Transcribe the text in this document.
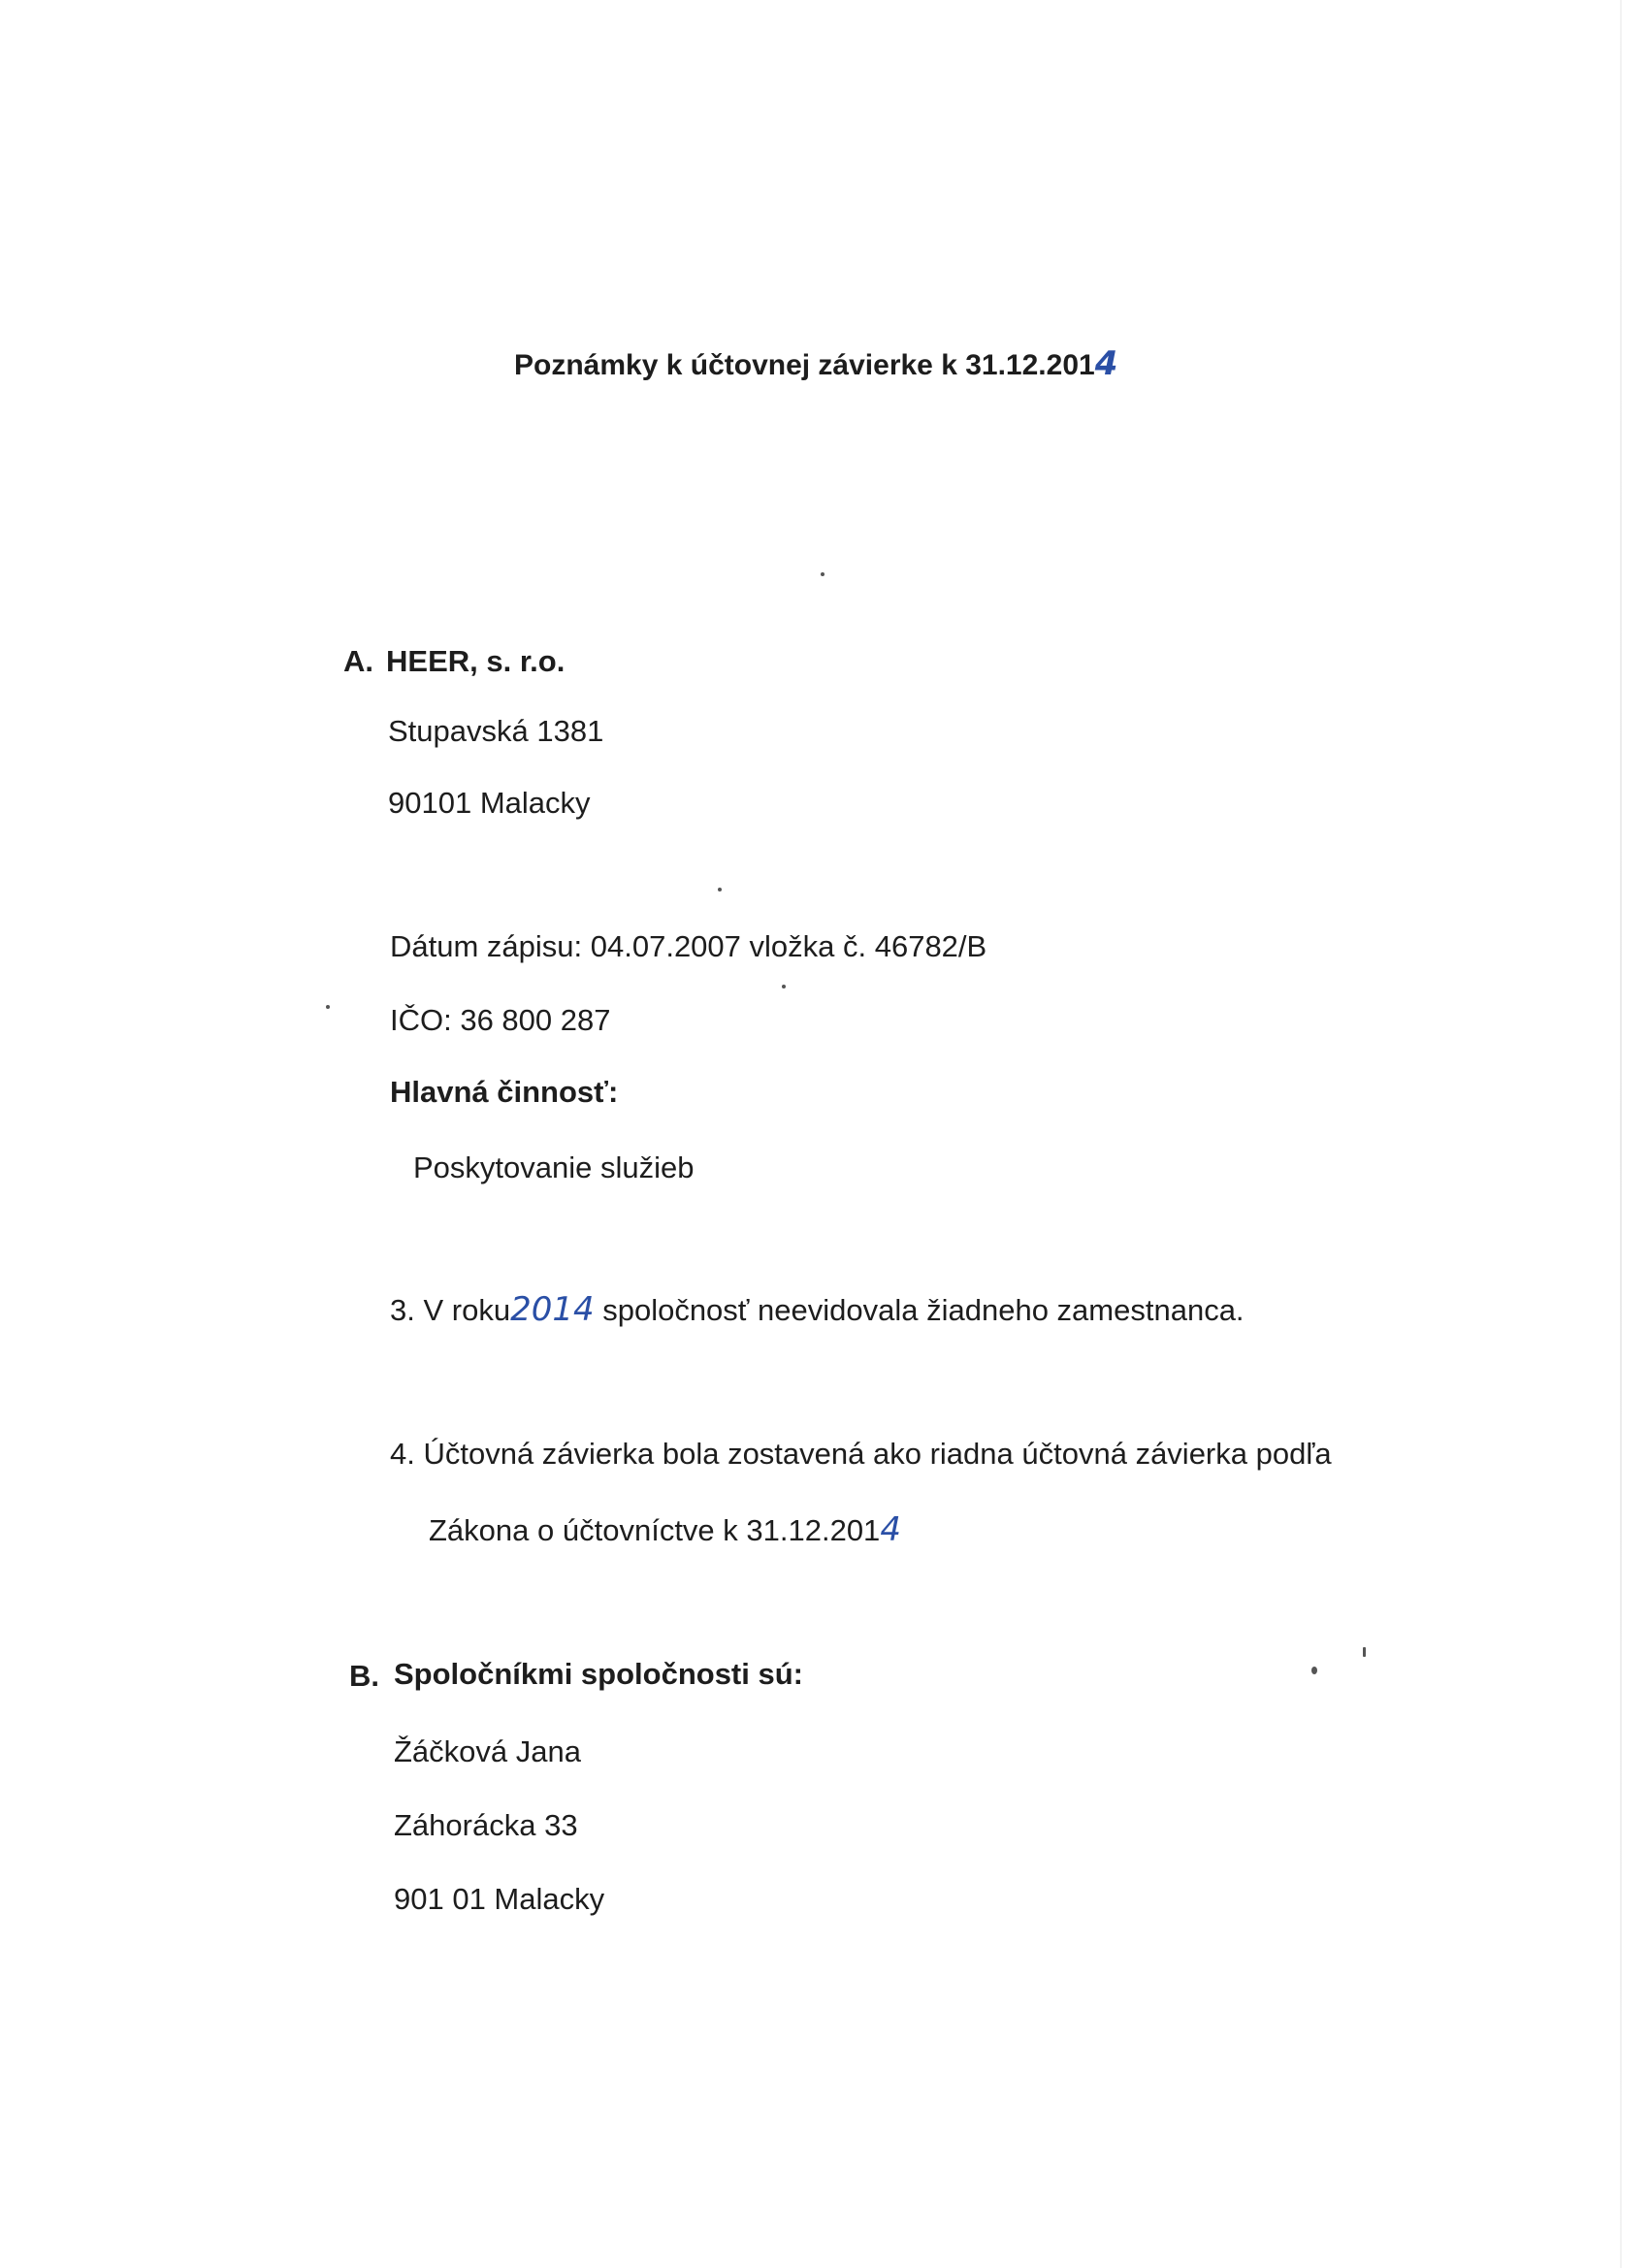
Poznámky k účtovnej závierke k 31.12.2014
A. HEER, s. r.o.
Stupavská 1381
90101 Malacky
Dátum zápisu: 04.07.2007 vložka č. 46782/B
IČO: 36 800 287
Hlavná činnosť:
Poskytovanie služieb
3. V roku2014 spoločnosť neevidovala žiadneho zamestnanca.
4. Účtovná závierka bola zostavená ako riadna účtovná závierka podľa
Zákona o účtovníctve k 31.12.2014
B. Spoločníkmi spoločnosti sú:
Žáčková Jana
Záhorácka 33
901 01 Malacky
